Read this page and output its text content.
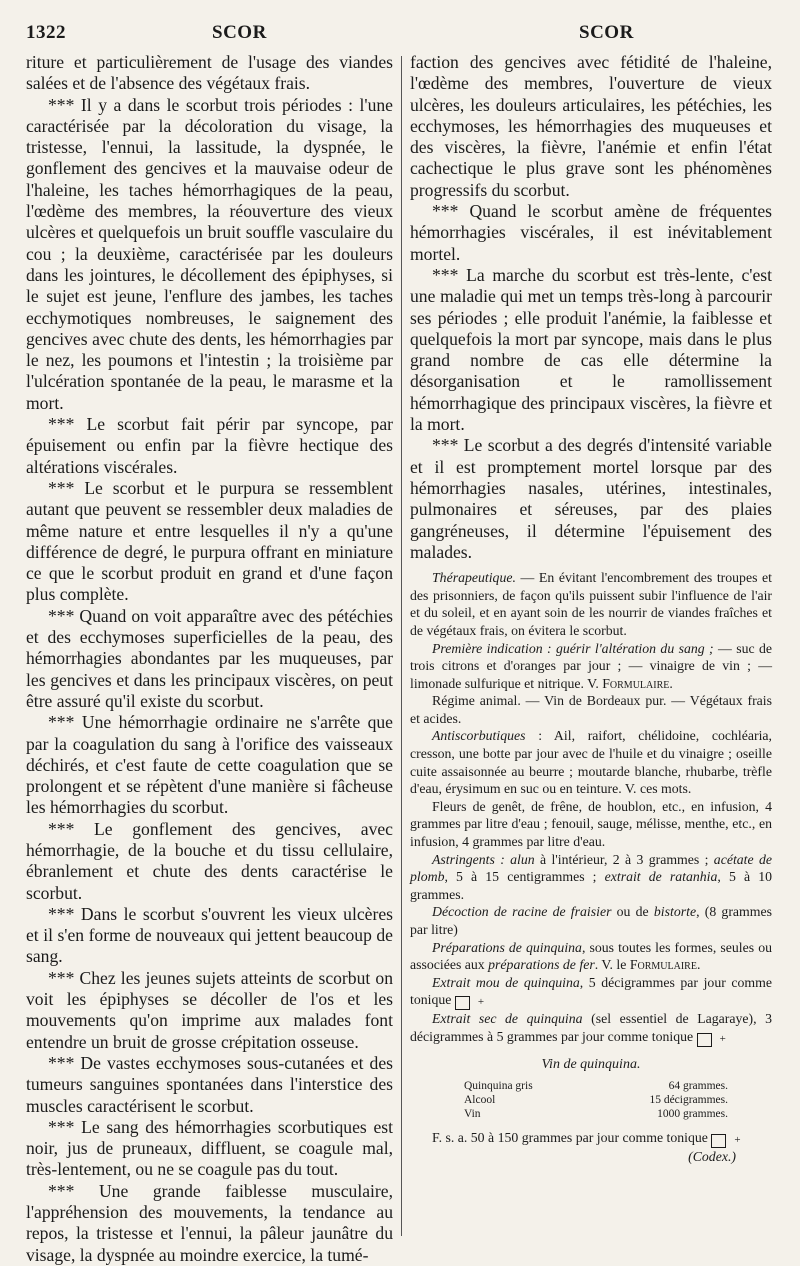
1322	SCOR	SCOR

riture et particulièrement de l'usage des viandes salées et de l'absence des végétaux frais.

*** Il y a dans le scorbut trois périodes : l'une caractérisée par la décoloration du visage, la tristesse, l'ennui, la lassitude, la dyspnée, le gonflement des gencives et la mauvaise odeur de l'haleine, les taches hémorrhagiques de la peau, l'œdème des membres, la réouverture des vieux ulcères et quelquefois un bruit souffle vasculaire du cou ; la deuxième, caractérisée par les douleurs dans les jointures, le décollement des épiphyses, si le sujet est jeune, l'enflure des jambes, les taches ecchymotiques nombreuses, le saignement des gencives avec chute des dents, les hémorrhagies par le nez, les poumons et l'intestin ; la troisième par l'ulcération spontanée de la peau, le marasme et la mort.

*** Le scorbut fait périr par syncope, par épuisement ou enfin par la fièvre hectique des altérations viscérales.

*** Le scorbut et le purpura se ressemblent autant que peuvent se ressembler deux maladies de même nature et entre lesquelles il n'y a qu'une différence de degré, le purpura offrant en miniature ce que le scorbut produit en grand et d'une façon plus complète.

*** Quand on voit apparaître avec des pétéchies et des ecchymoses superficielles de la peau, des hémorrhagies abondantes par les muqueuses, par les gencives et dans les principaux viscères, on peut être assuré qu'il existe du scorbut.

*** Une hémorrhagie ordinaire ne s'arrête que par la coagulation du sang à l'orifice des vaisseaux déchirés, et c'est faute de cette coagulation que se prolongent et se répètent d'une manière si fâcheuse les hémorrhagies du scorbut.

*** Le gonflement des gencives, avec hémorrhagie, de la bouche et du tissu cellulaire, ébranlement et chute des dents caractérise le scorbut.

*** Dans le scorbut s'ouvrent les vieux ulcères et il s'en forme de nouveaux qui jettent beaucoup de sang.

*** Chez les jeunes sujets atteints de scorbut on voit les épiphyses se décoller de l'os et les mouvements qu'on imprime aux malades font entendre un bruit de grosse crépitation osseuse.

*** De vastes ecchymoses sous-cutanées et des tumeurs sanguines spontanées dans l'interstice des muscles caractérisent le scorbut.

*** Le sang des hémorrhagies scorbutiques est noir, jus de pruneaux, diffluent, se coagule mal, très-lentement, ou ne se coagule pas du tout.

*** Une grande faiblesse musculaire, l'appréhension des mouvements, la tendance au repos, la tristesse et l'ennui, la pâleur jaunâtre du visage, la dyspnée au moindre exercice, la tumé-

faction des gencives avec fétidité de l'haleine, l'œdème des membres, l'ouverture de vieux ulcères, les douleurs articulaires, les pétéchies, les ecchymoses, les hémorrhagies des muqueuses et des viscères, la fièvre, l'anémie et enfin l'état cachectique le plus grave sont les phénomènes progressifs du scorbut.

*** Quand le scorbut amène de fréquentes hémorrhagies viscérales, il est inévitablement mortel.

*** La marche du scorbut est très-lente, c'est une maladie qui met un temps très-long à parcourir ses périodes ; elle produit l'anémie, la faiblesse et quelquefois la mort par syncope, mais dans le plus grand nombre de cas elle détermine la désorganisation et le ramollissement hémorrhagique des principaux viscères, la fièvre et la mort.

*** Le scorbut a des degrés d'intensité variable et il est promptement mortel lorsque par des hémorrhagies nasales, utérines, intestinales, pulmonaires et séreuses, par des plaies gangréneuses, il détermine l'épuisement des malades.

Thérapeutique. — En évitant l'encombrement des troupes et des prisonniers, de façon qu'ils puissent subir l'influence de l'air et du soleil, et en ayant soin de les nourrir de viandes fraîches et de végétaux frais, on évitera le scorbut.

Première indication : guérir l'altération du sang ; — suc de trois citrons et d'oranges par jour ; — vinaigre de vin ; — limonade sulfurique et nitrique. V. Formulaire.

Régime animal. — Vin de Bordeaux pur. — Végétaux frais et acides.

Antiscorbutiques : Ail, raifort, chélidoine, cochléaria, cresson, une botte par jour avec de l'huile et du vinaigre ; oseille cuite assaisonnée au beurre ; moutarde blanche, rhubarbe, trèfle d'eau, érysimum en suc ou en teinture. V. ces mots.

Fleurs de genêt, de frêne, de houblon, etc., en infusion, 4 grammes par litre d'eau ; fenouil, sauge, mélisse, menthe, etc., en infusion, 4 grammes par litre d'eau.

Astringents : alun à l'intérieur, 2 à 3 grammes ; acétate de plomb, 5 à 15 centigrammes ; extrait de ratanhia, 5 à 10 grammes.

Décoction de racine de fraisier ou de bistorte, (8 grammes par litre)

Préparations de quinquina, sous toutes les formes, seules ou associées aux préparations de fer. V. le Formulaire.

Extrait mou de quinquina, 5 décigrammes par jour comme tonique +

Extrait sec de quinquina (sel essentiel de Lagaraye), 3 décigrammes à 5 grammes par jour comme tonique +

Vin de quinquina.
Quinquina gris	64 grammes.
Alcool	15 décigrammes.
Vin	1000 grammes.

F. s. a. 50 à 150 grammes par jour comme tonique +

(Codex.)
